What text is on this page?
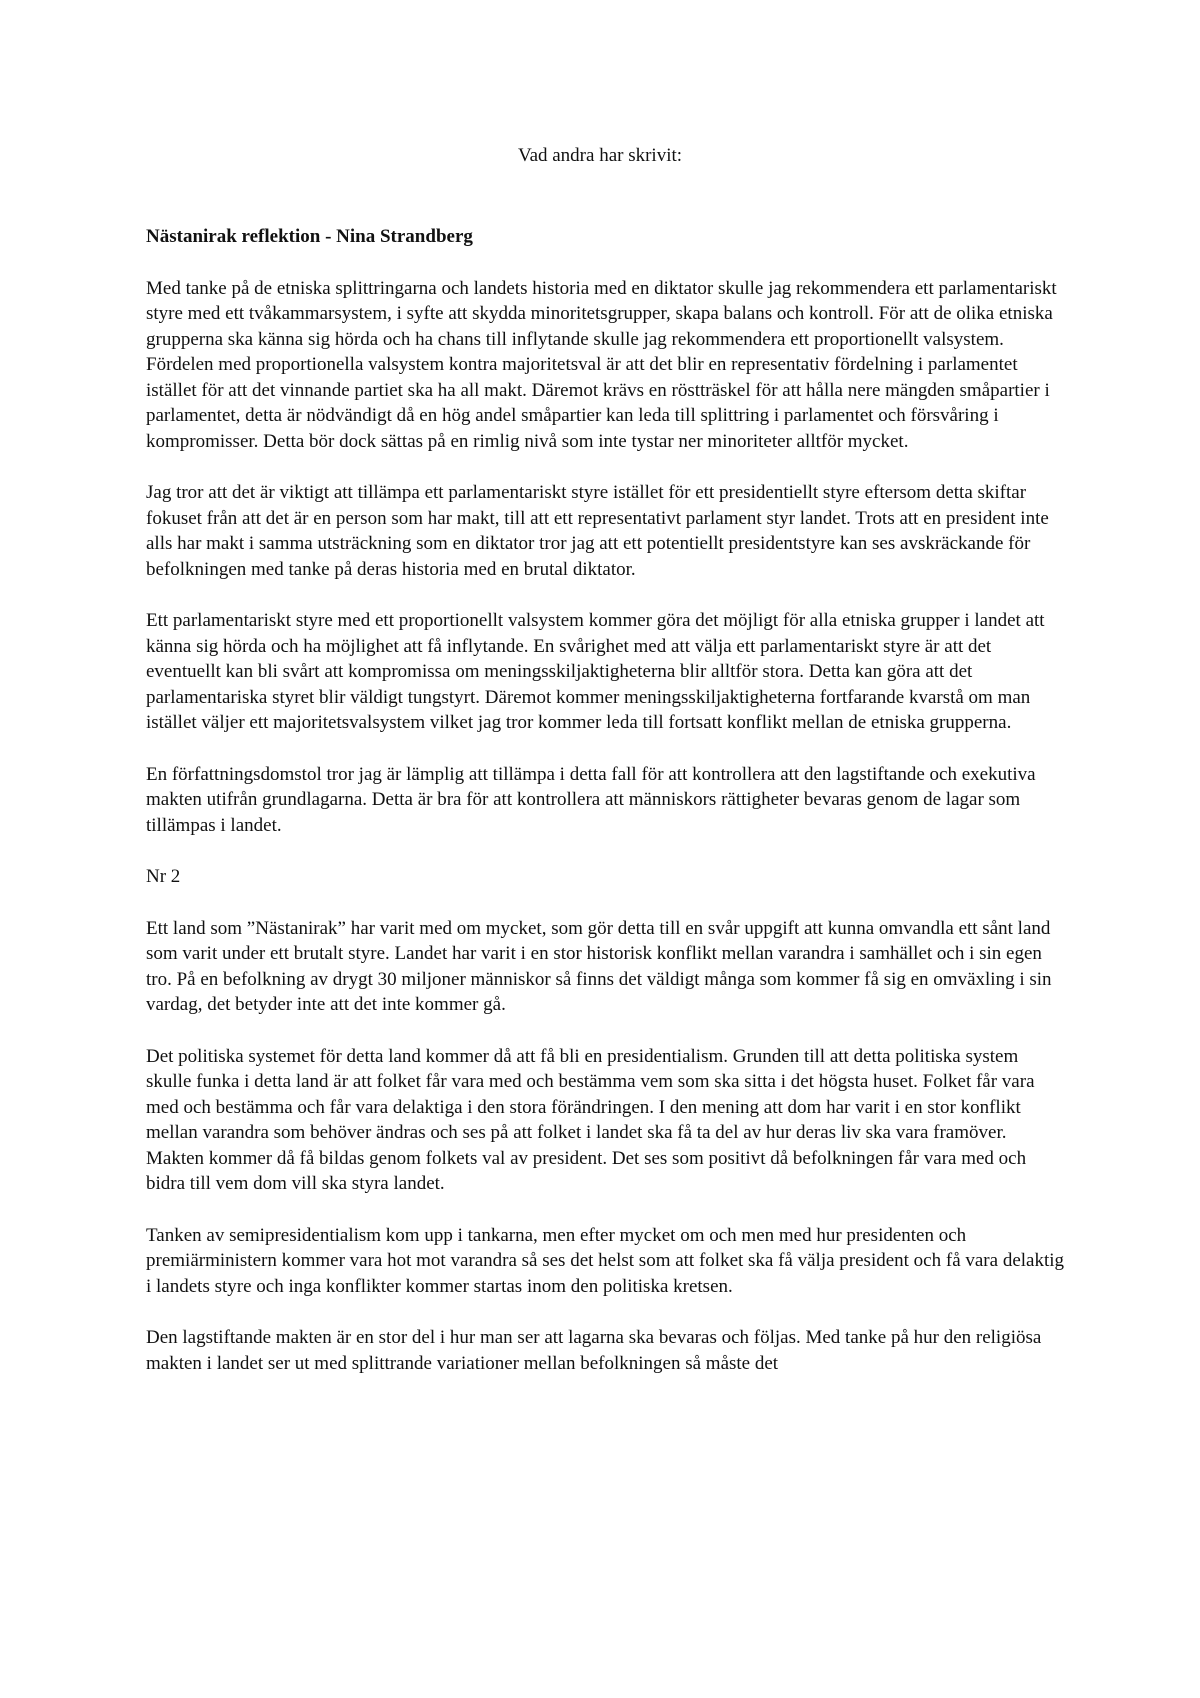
Vad andra har skrivit:

Nästanirak reflektion - Nina Strandberg

Med tanke på de etniska splittringarna och landets historia med en diktator skulle jag rekommendera ett parlamentariskt styre med ett tvåkammarsystem, i syfte att skydda minoritetsgrupper, skapa balans och kontroll. För att de olika etniska grupperna ska känna sig hörda och ha chans till inflytande skulle jag rekommendera ett proportionellt valsystem. Fördelen med proportionella valsystem kontra majoritetsval är att det blir en representativ fördelning i parlamentet istället för att det vinnande partiet ska ha all makt. Däremot krävs en röstträskel för att hålla nere mängden småpartier i parlamentet, detta är nödvändigt då en hög andel småpartier kan leda till splittring i parlamentet och försvåring i kompromisser. Detta bör dock sättas på en rimlig nivå som inte tystar ner minoriteter alltför mycket.

Jag tror att det är viktigt att tillämpa ett parlamentariskt styre istället för ett presidentiellt styre eftersom detta skiftar fokuset från att det är en person som har makt, till att ett representativt parlament styr landet. Trots att en president inte alls har makt i samma utsträckning som en diktator tror jag att ett potentiellt presidentstyre kan ses avskräckande för befolkningen med tanke på deras historia med en brutal diktator.

Ett parlamentariskt styre med ett proportionellt valsystem kommer göra det möjligt för alla etniska grupper i landet att känna sig hörda och ha möjlighet att få inflytande. En svårighet med att välja ett parlamentariskt styre är att det eventuellt kan bli svårt att kompromissa om meningsskiljaktigheterna blir alltför stora. Detta kan göra att det parlamentariska styret blir väldigt tungstyrt. Däremot kommer meningsskiljaktigheterna fortfarande kvarstå om man istället väljer ett majoritetsvalsystem vilket jag tror kommer leda till fortsatt konflikt mellan de etniska grupperna.

En författningsdomstol tror jag är lämplig att tillämpa i detta fall för att kontrollera att den lagstiftande och exekutiva makten utifrån grundlagarna. Detta är bra för att kontrollera att människors rättigheter bevaras genom de lagar som tillämpas i landet.

Nr 2

Ett land som ”Nästanirak” har varit med om mycket, som gör detta till en svår uppgift att kunna omvandla ett sånt land som varit under ett brutalt styre. Landet har varit i en stor historisk konflikt mellan varandra i samhället och i sin egen tro. På en befolkning av drygt 30 miljoner människor så finns det väldigt många som kommer få sig en omväxling i sin vardag, det betyder inte att det inte kommer gå.

Det politiska systemet för detta land kommer då att få bli en presidentialism. Grunden till att detta politiska system skulle funka i detta land är att folket får vara med och bestämma vem som ska sitta i det högsta huset. Folket får vara med och bestämma och får vara delaktiga i den stora förändringen. I den mening att dom har varit i en stor konflikt mellan varandra som behöver ändras och ses på att folket i landet ska få ta del av hur deras liv ska vara framöver. Makten kommer då få bildas genom folkets val av president. Det ses som positivt då befolkningen får vara med och bidra till vem dom vill ska styra landet.

Tanken av semipresidentialism kom upp i tankarna, men efter mycket om och men med hur presidenten och premiärministern kommer vara hot mot varandra så ses det helst som att folket ska få välja president och få vara delaktig i landets styre och inga konflikter kommer startas inom den politiska kretsen.

Den lagstiftande makten är en stor del i hur man ser att lagarna ska bevaras och följas. Med tanke på hur den religiösa makten i landet ser ut med splittrande variationer mellan befolkningen så måste det
